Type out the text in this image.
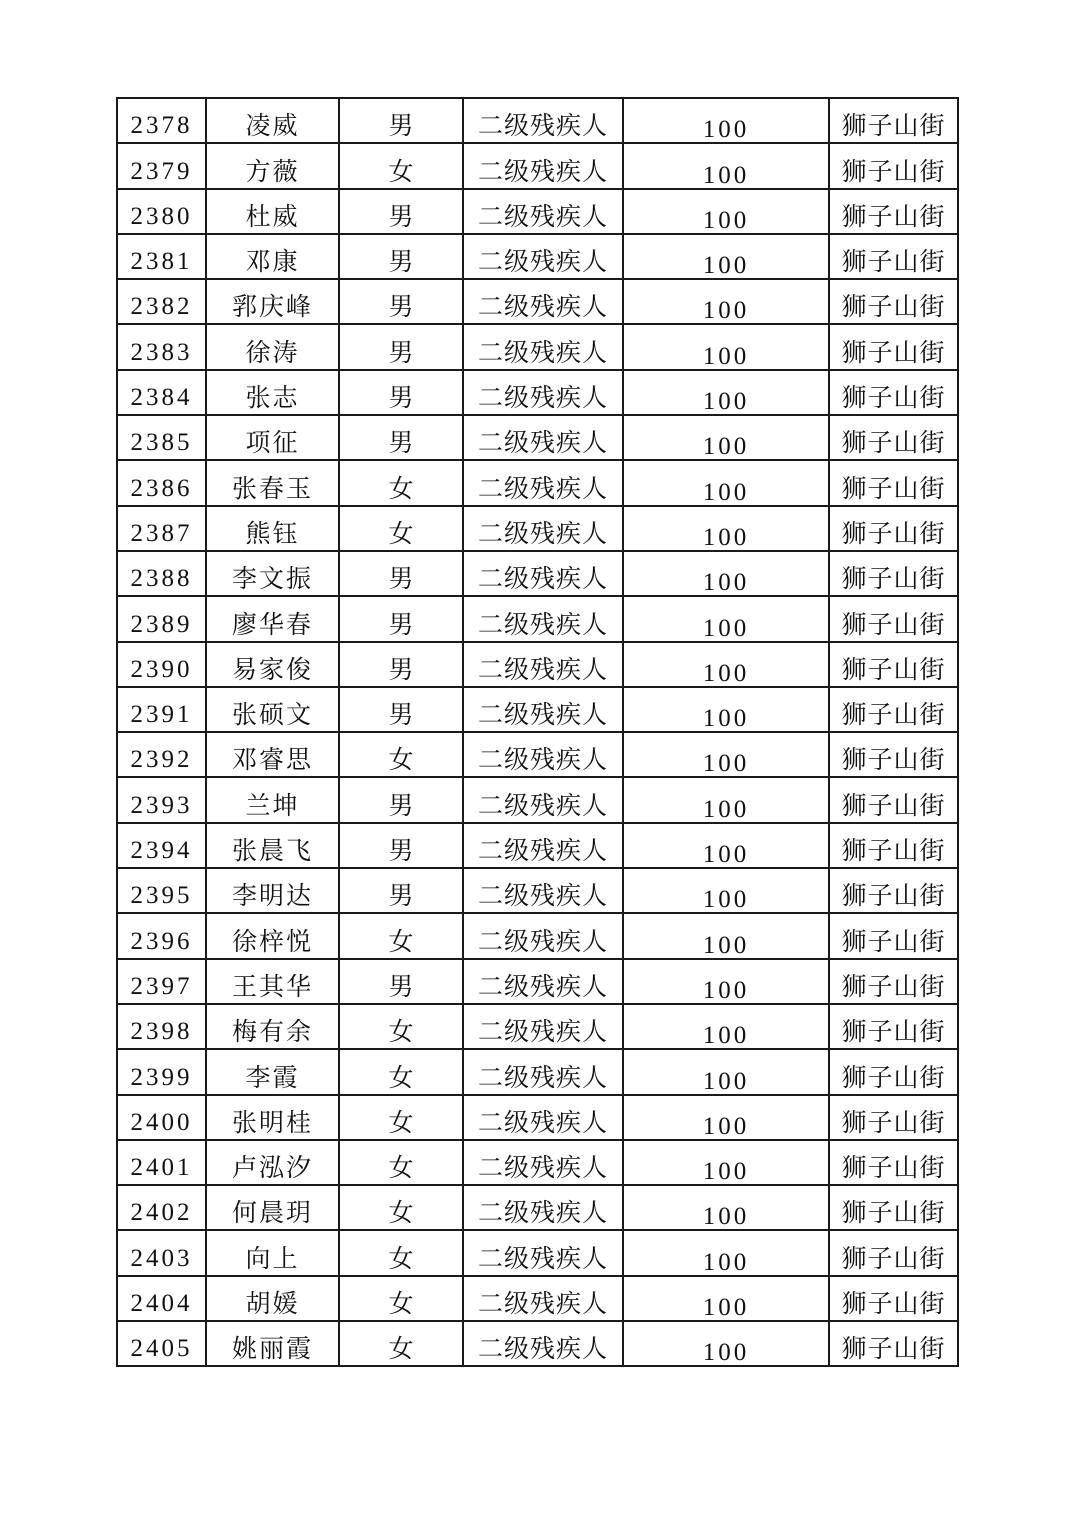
2378	凌威	男	二级残疾人	100	狮子山街
2379	方薇	女	二级残疾人	100	狮子山街
2380	杜威	男	二级残疾人	100	狮子山街
2381	邓康	男	二级残疾人	100	狮子山街
2382	郛庆峰	男	二级残疾人	100	狮子山街
2383	徐涛	男	二级残疾人	100	狮子山街
2384	张志	男	二级残疾人	100	狮子山街
2385	项征	男	二级残疾人	100	狮子山街
2386	张春玉	女	二级残疾人	100	狮子山街
2387	熊钰	女	二级残疾人	100	狮子山街
2388	李文振	男	二级残疾人	100	狮子山街
2389	廖华春	男	二级残疾人	100	狮子山街
2390	易家俊	男	二级残疾人	100	狮子山街
2391	张硕文	男	二级残疾人	100	狮子山街
2392	邓睿思	女	二级残疾人	100	狮子山街
2393	兰坤	男	二级残疾人	100	狮子山街
2394	张晨飞	男	二级残疾人	100	狮子山街
2395	李明达	男	二级残疾人	100	狮子山街
2396	徐梓悦	女	二级残疾人	100	狮子山街
2397	王其华	男	二级残疾人	100	狮子山街
2398	梅有余	女	二级残疾人	100	狮子山街
2399	李霞	女	二级残疾人	100	狮子山街
2400	张明桂	女	二级残疾人	100	狮子山街
2401	卢泓汐	女	二级残疾人	100	狮子山街
2402	何晨玥	女	二级残疾人	100	狮子山街
2403	向上	女	二级残疾人	100	狮子山街
2404	胡媛	女	二级残疾人	100	狮子山街
2405	姚丽霞	女	二级残疾人	100	狮子山街
